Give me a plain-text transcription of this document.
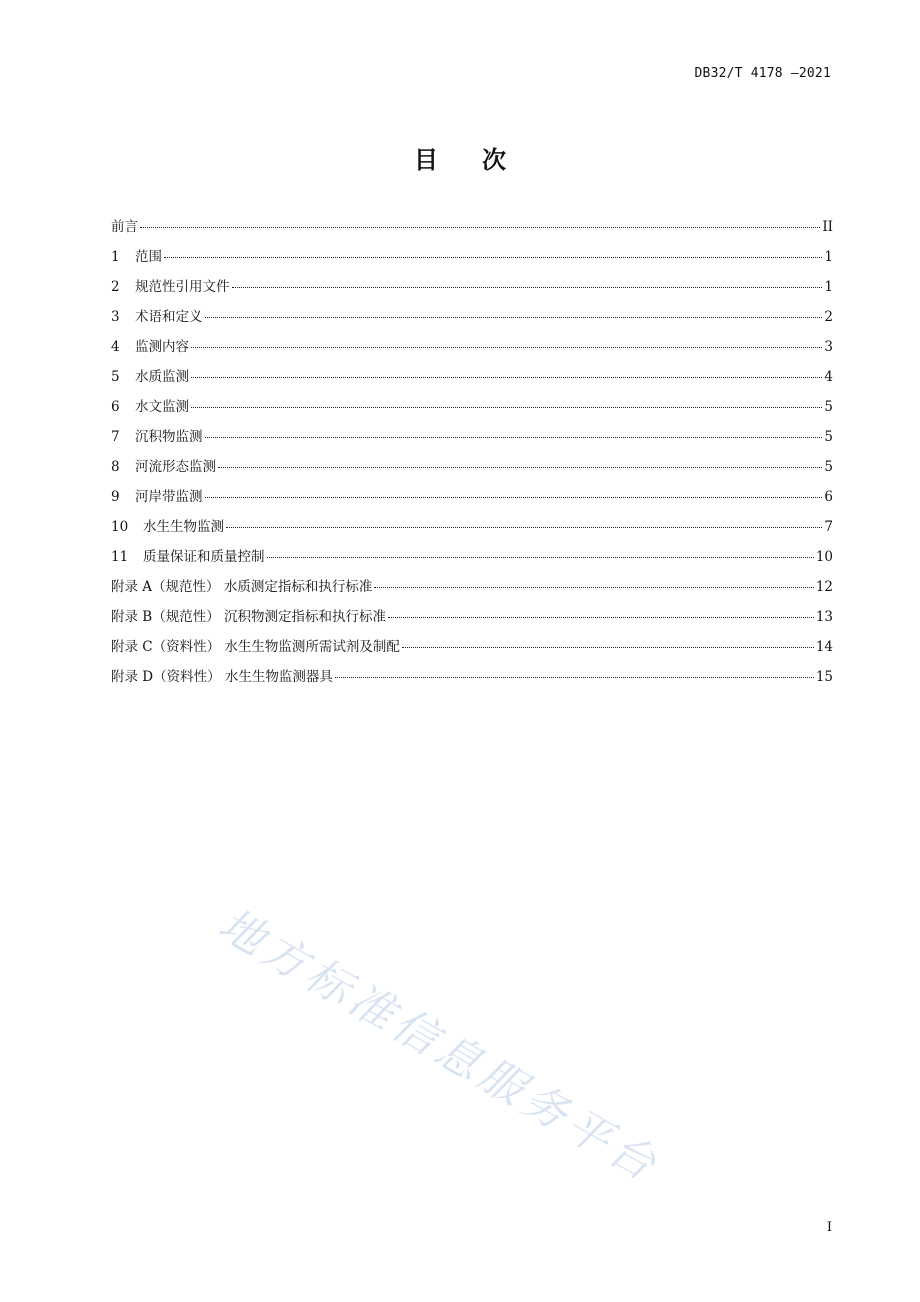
DB32/T 4178 —2021
目 次
前言	II
1	范围	1
2	规范性引用文件	1
3	术语和定义	2
4	监测内容	3
5	水质监测	4
6	水文监测	5
7	沉积物监测	5
8	河流形态监测	5
9	河岸带监测	6
10	水生生物监测	7
11	质量保证和质量控制	10
附录 A（规范性） 水质测定指标和执行标准	12
附录 B（规范性） 沉积物测定指标和执行标准	13
附录 C（资料性） 水生生物监测所需试剂及制配	14
附录 D（资料性） 水生生物监测器具	15
地方标准信息服务平台
I
